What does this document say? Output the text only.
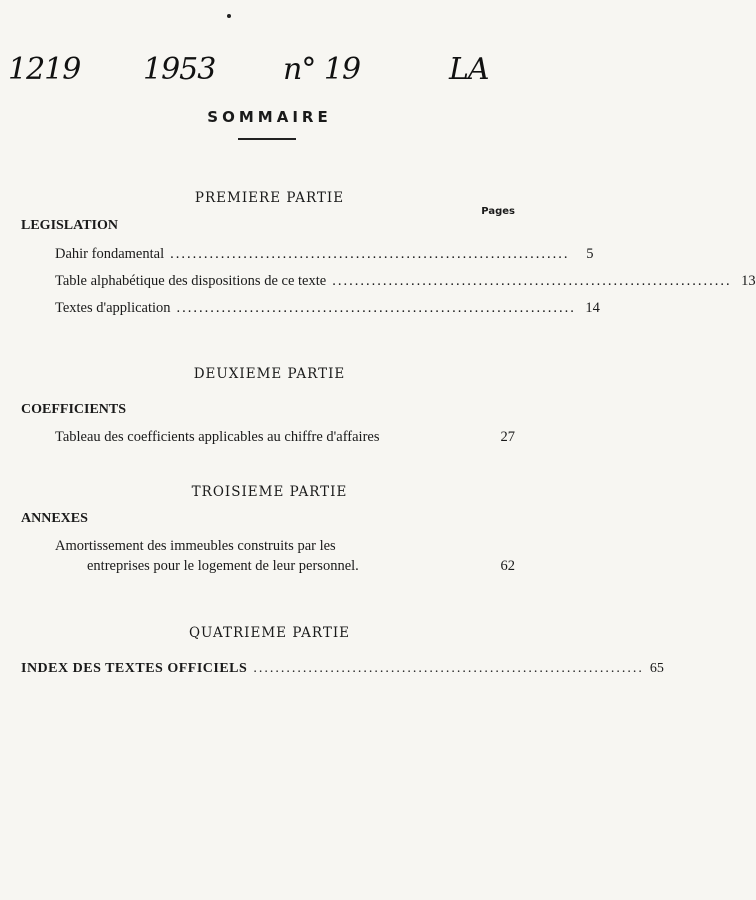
1219 1953 n° 19	LA
SOMMAIRE
PREMIERE PARTIE
Pages
LEGISLATION
Dahir fondamental .......................................................................	5
Table alphabétique des dispositions de ce texte ....................................................................... 13
Textes d'application ....................................................................... 14
DEUXIEME PARTIE
COEFFICIENTS
Tableau des coefficients applicables au chiffre d'affaires	27
TROISIEME PARTIE
ANNEXES
Amortissement des immeubles construits par les
entreprises pour le logement de leur personnel.	62
QUATRIEME PARTIE
INDEX DES TEXTES OFFICIELS ....................................................................... 65
